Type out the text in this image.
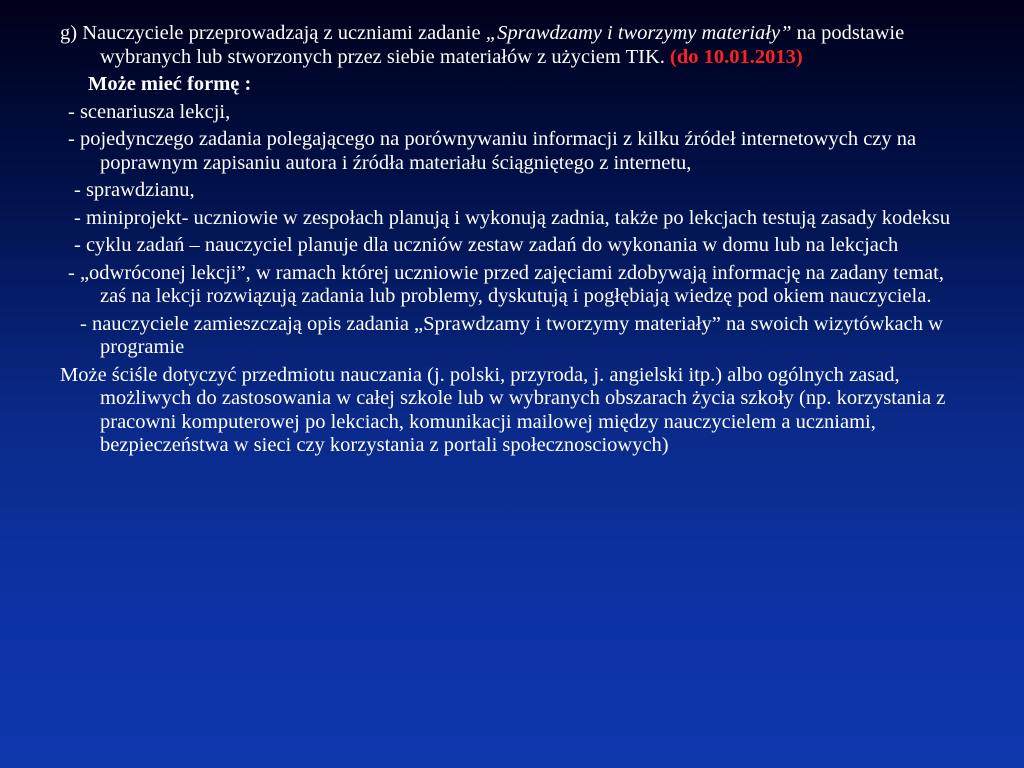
g) Nauczyciele przeprowadzają z uczniami zadanie „Sprawdzamy i tworzymy materiały” na podstawie wybranych lub stworzonych przez siebie materiałów z użyciem TIK. (do 10.01.2013)

Może mieć formę :

- scenariusza lekcji,

- pojedynczego zadania polegającego na porównywaniu informacji z kilku źródeł internetowych czy na poprawnym zapisaniu autora i źródła materiału ściągniętego z internetu,

- sprawdzianu,

- miniprojekt- uczniowie w zespołach planują i wykonują zadnia, także po lekcjach testują zasady kodeksu

- cyklu zadań – nauczyciel planuje dla uczniów zestaw zadań do wykonania w domu lub na lekcjach

- „odwróconej lekcji”, w ramach której uczniowie przed zajęciami zdobywają informację na zadany temat, zaś na lekcji rozwiązują zadania lub problemy, dyskutują i pogłębiają wiedzę pod okiem nauczyciela.

- nauczyciele zamieszczają opis zadania „Sprawdzamy i tworzymy materiały” na swoich wizytówkach w programie

Może ściśle dotyczyć przedmiotu nauczania (j. polski, przyroda, j. angielski itp.) albo ogólnych zasad, możliwych do zastosowania w całej szkole lub w wybranych obszarach życia szkoły (np. korzystania z pracowni komputerowej po lekciach, komunikacji mailowej między nauczycielem a uczniami, bezpieczeństwa w sieci czy korzystania z portali społecznosciowych)
